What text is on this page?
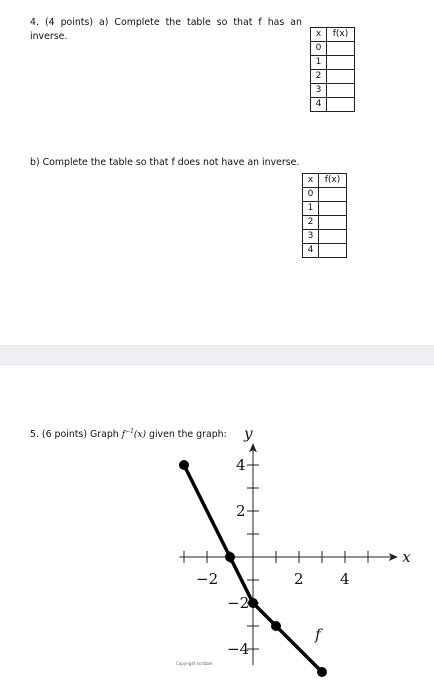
4. (4 points) a) Complete the table so that f has an inverse.	x	f(x)
0	
1	
2	
3	
4	
b) Complete the table so that f does not have an inverse.
x	f(x)
0	
1	
2	
3	
4	
5. (6 points) Graph $f^{-1}(x)$ given the graph: y
x
−2	2 4
4
2
−2
−4
f
Copyright scribble
